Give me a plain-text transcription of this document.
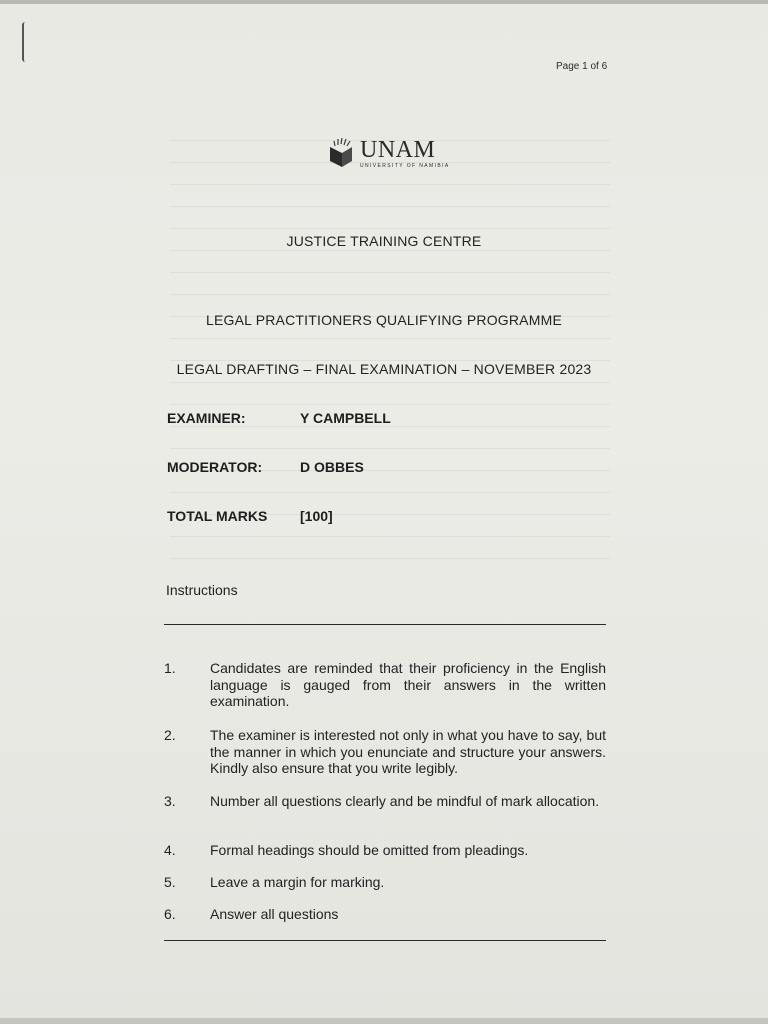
Page 1 of 6
UNAM
UNIVERSITY OF NAMIBIA
JUSTICE TRAINING CENTRE
LEGAL PRACTITIONERS QUALIFYING PROGRAMME
LEGAL DRAFTING – FINAL EXAMINATION – NOVEMBER 2023
EXAMINER:	Y CAMPBELL
MODERATOR:	D OBBES
TOTAL MARKS [100]
Instructions
1. Candidates are reminded that their proficiency in the English language is gauged from their answers in the written examination.
2. The examiner is interested not only in what you have to say, but the manner in which you enunciate and structure your answers. Kindly also ensure that you write legibly.
3. Number all questions clearly and be mindful of mark allocation.
4. Formal headings should be omitted from pleadings.
5. Leave a margin for marking.
6. Answer all questions
